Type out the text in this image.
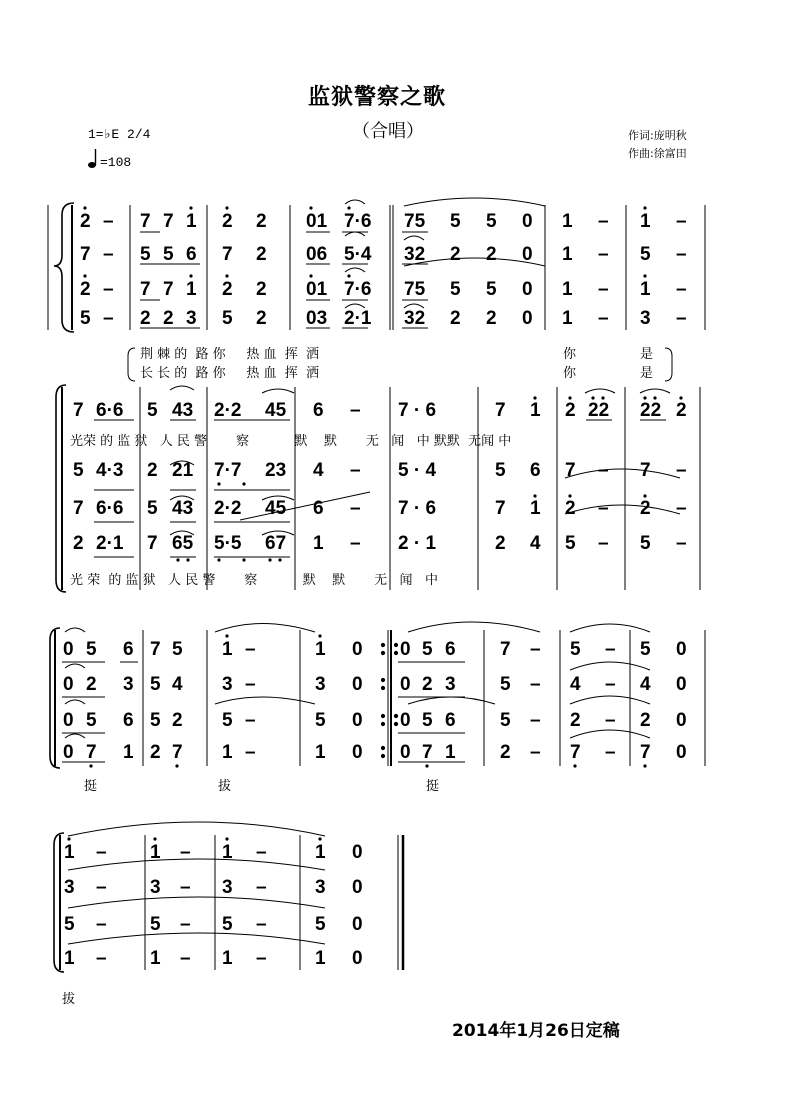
监狱警察之歌
（合唱）
1=♭E 2/4
=108
作词:庞明秋
作曲:徐富田
2 – 7 7 1 2 2 01 7·6 75 5 5 0 1 – 1 –
7 – 5 5 6 7 2 06 5·4 32 2 2 0 1 – 5 –
2 – 7 7 1 2 2 01 7·6 75 5 5 0 1 – 1 –
5 – 2 2 3 5 2 03 2·1 32 2 2 0 1 – 3 –
7 6·6 5 43 2·2 45 6 – 7 · 6	7 1 2 22 22 2
5 4·3 2 21 7·7 23 4 – 5 · 4	5 6 7 – 7 –
7 6·6 5 43 2·2 45 6 – 7 · 6	7 1 2 – 2 –
2 2·1 7 65 5·5 67 1 – 2 · 1	2 4 5 – 5 –
0 5 6 7 5 1 –	1 0 0 5 6 7 – 5 – 5 0
0 2 3 5 4 3 –	3 0 0 2 3 5 – 4 – 4 0
0 5 6 5 2 5 –	5 0 0 5 6 5 – 2 – 2 0
0 7 1 2 7 1 –	1 0 0 7 1 2 – 7 – 7 0
1 – 1 – 1 –	1 0
3 – 3 – 3 –	3 0
5 – 5 – 5 –	5 0
1 – 1 – 1 –	1 0
荆 棘 的  路 你     热 血  挥  洒	你	是
长 长 的  路 你     热 血  挥  洒	你	是
光荣 的 监 狱   人 民 警       察           默    默       无   闻   中 默默  无闻 中
光 荣  的 监 狱   人 民 警       察           默    默       无   闻   中
挺	拔	挺
拔
2014年1月26日定稿
